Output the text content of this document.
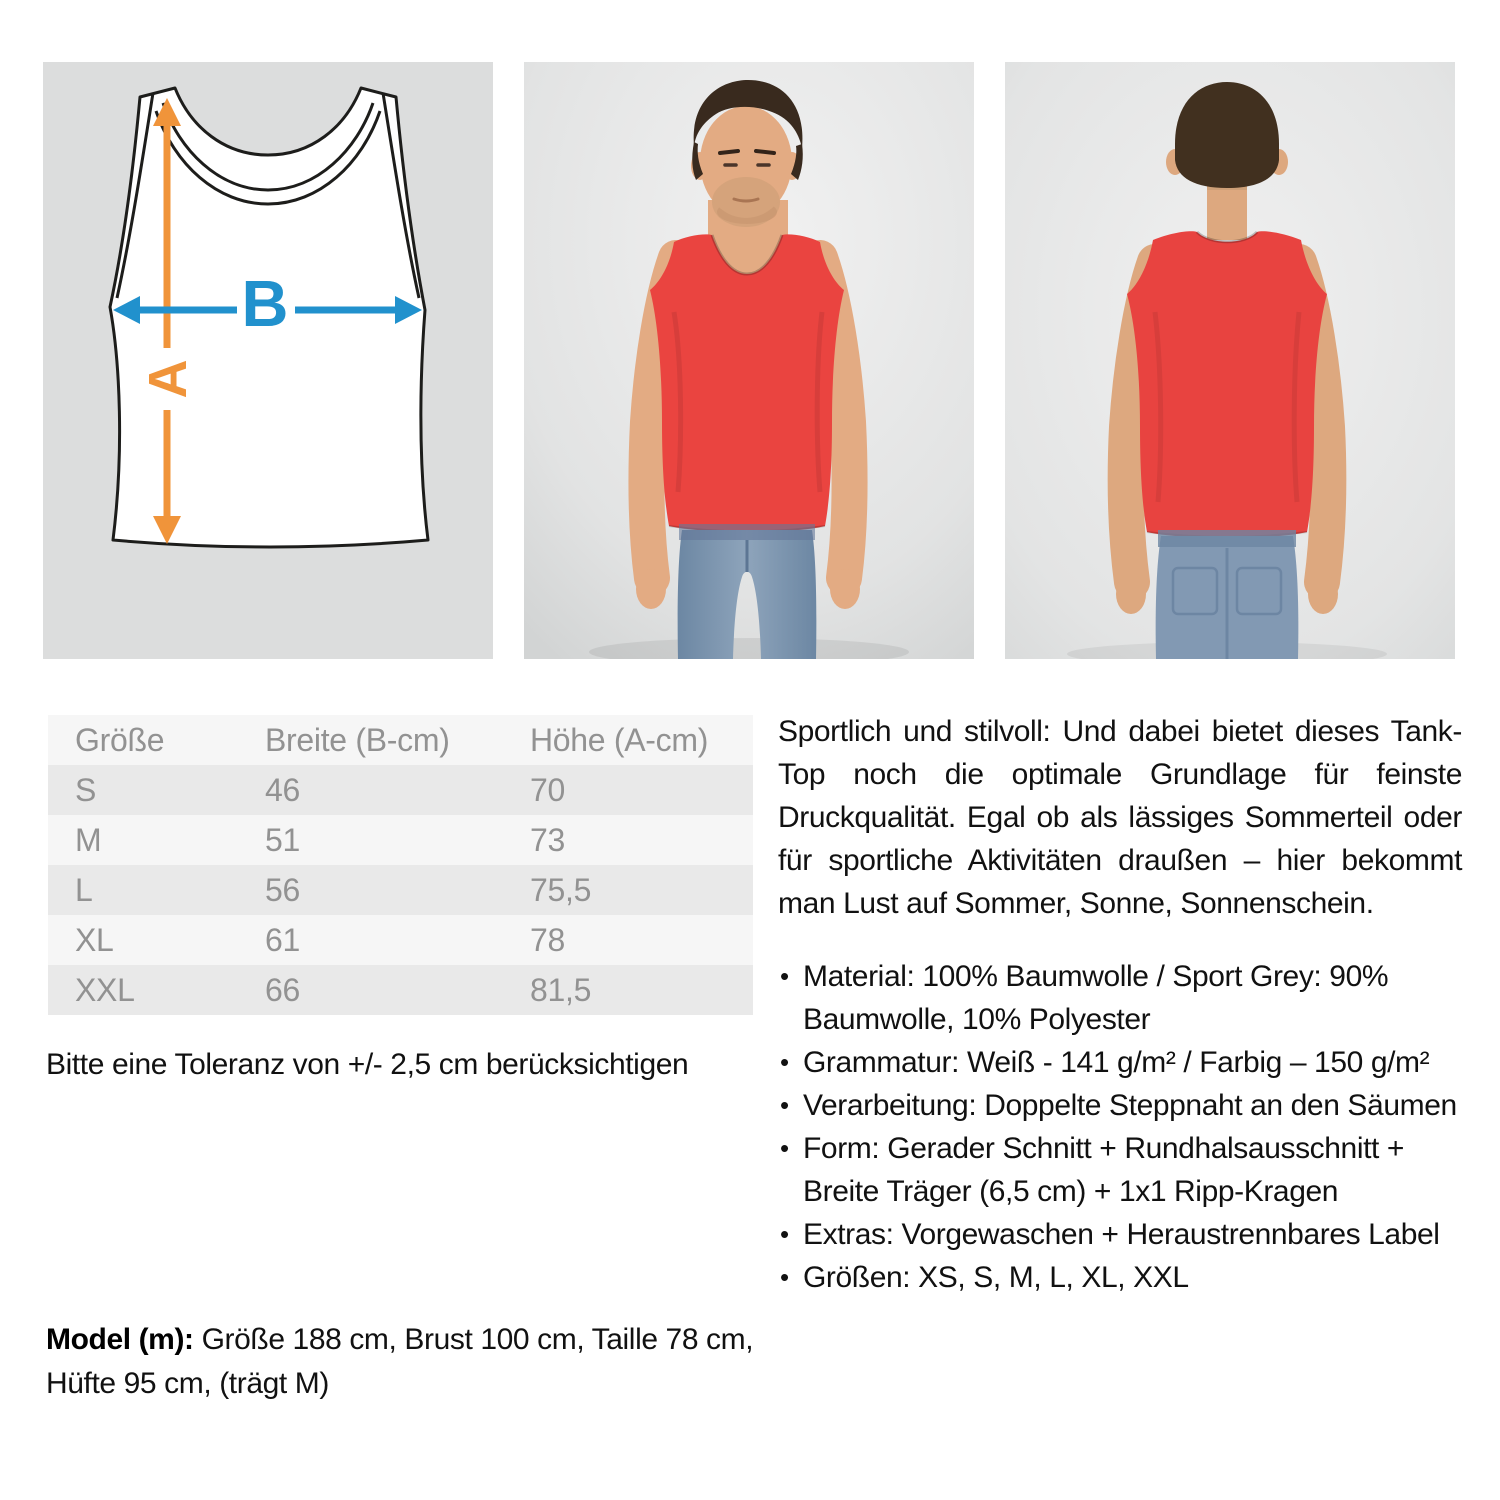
A
B
Größe	Breite (B-cm)	Höhe (A-cm)
S	46	70
M	51	73
L	56	75,5
XL	61	78
XXL	66	81,5
Bitte eine Toleranz von +/- 2,5 cm berücksichtigen
Model (m): Größe 188 cm, Brust 100 cm, Taille 78 cm, Hüfte 95 cm, (trägt M)

Sportlich und stilvoll: Und dabei bietet dieses Tank-Top noch die optimale Grundlage für feinste Druckqualität. Egal ob als lässiges Sommerteil oder für sportliche Aktivitäten draußen – hier bekommt man Lust auf Sommer, Sonne, Sonnenschein.

• Material: 100% Baumwolle / Sport Grey: 90% Baumwolle, 10% Polyester
• Grammatur: Weiß - 141 g/m² / Farbig – 150 g/m²
• Verarbeitung: Doppelte Steppnaht an den Säumen
• Form: Gerader Schnitt + Rundhalsausschnitt + Breite Träger (6,5 cm) + 1x1 Ripp-Kragen
• Extras: Vorgewaschen + Heraustrennbares Label
• Größen: XS, S, M, L, XL, XXL
